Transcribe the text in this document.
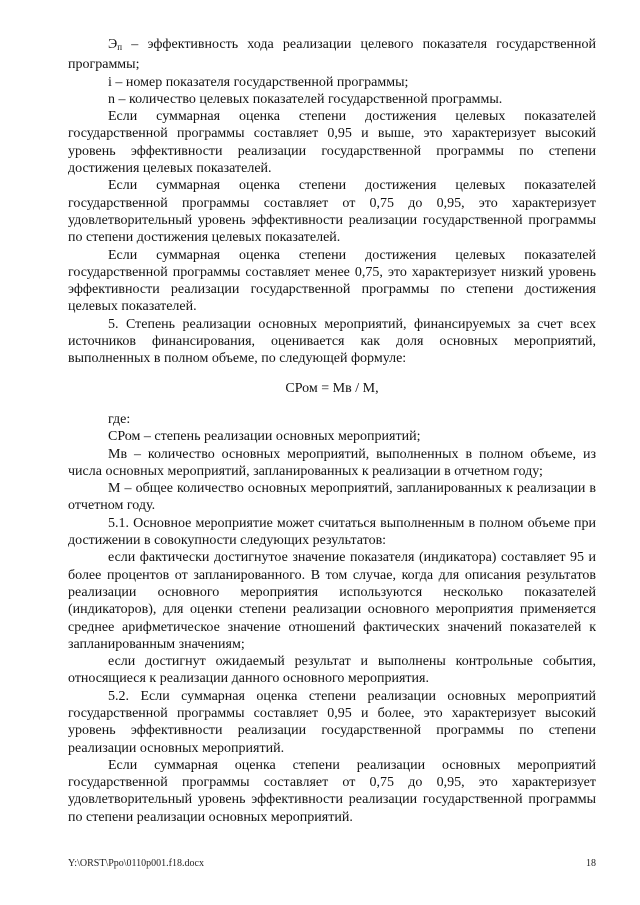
$Э_п$ – эффективность хода реализации целевого показателя государственной программы;

i – номер показателя государственной программы;

n – количество целевых показателей государственной программы.

Если суммарная оценка степени достижения целевых показателей государственной программы составляет 0,95 и выше, это характеризует высокий уровень эффективности реализации государственной программы по степени достижения целевых показателей.

Если суммарная оценка степени достижения целевых показателей государственной программы составляет от 0,75 до 0,95, это характеризует удовлетворительный уровень эффективности реализации государственной программы по степени достижения целевых показателей.

Если суммарная оценка степени достижения целевых показателей государственной программы составляет менее 0,75, это характеризует низкий уровень эффективности реализации государственной программы по степени достижения целевых показателей.

5. Степень реализации основных мероприятий, финансируемых за счет всех источников финансирования, оценивается как доля основных мероприятий, выполненных в полном объеме, по следующей формуле:

СРом = Мв / М,

где:

СРом – степень реализации основных мероприятий;

Мв – количество основных мероприятий, выполненных в полном объеме, из числа основных мероприятий, запланированных к реализации в отчетном году;

М – общее количество основных мероприятий, запланированных к реализации в отчетном году.

5.1. Основное мероприятие может считаться выполненным в полном объеме при достижении в совокупности следующих результатов:

если фактически достигнутое значение показателя (индикатора) составляет 95 и более процентов от запланированного. В том случае, когда для описания результатов реализации основного мероприятия используются несколько показателей (индикаторов), для оценки степени реализации основного мероприятия применяется среднее арифметическое значение отношений фактических значений показателей к запланированным значениям;

если достигнут ожидаемый результат и выполнены контрольные события, относящиеся к реализации данного основного мероприятия.

5.2. Если суммарная оценка степени реализации основных мероприятий государственной программы составляет 0,95 и более, это характеризует высокий уровень эффективности реализации государственной программы по степени реализации основных мероприятий.

Если суммарная оценка степени реализации основных мероприятий государственной программы составляет от 0,75 до 0,95, это характеризует удовлетворительный уровень эффективности реализации государственной программы по степени реализации основных мероприятий.

Y:\ORST\Ppo\0110p001.f18.docx	18
